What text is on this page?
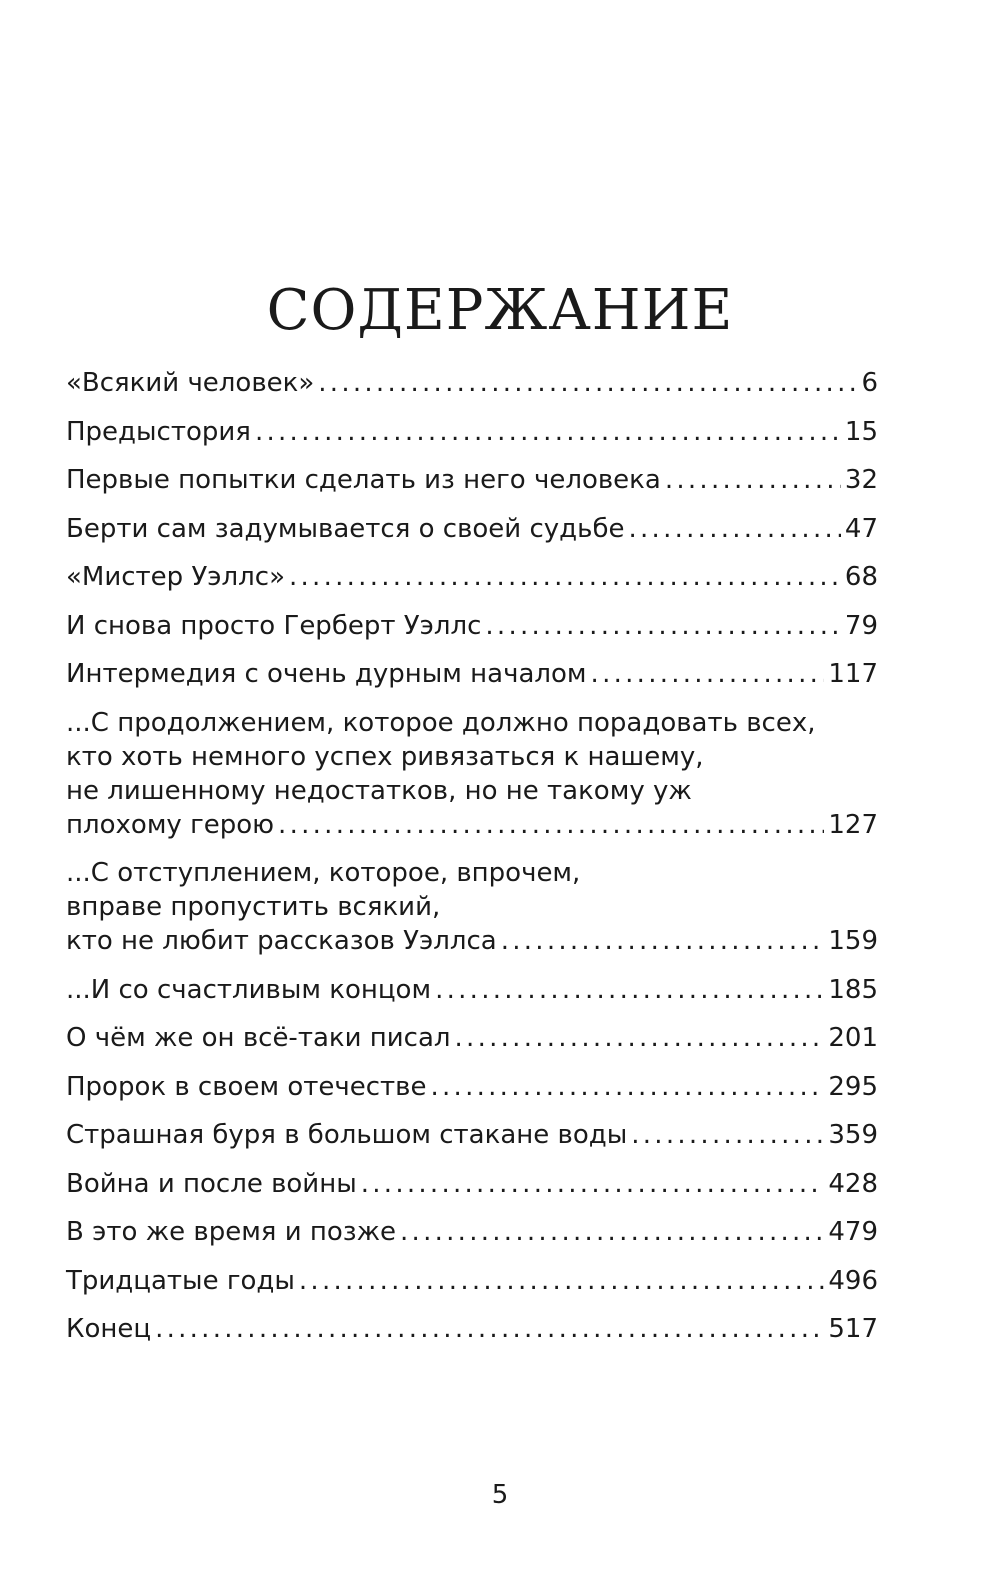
СОДЕРЖАНИЕ
«Всякий человек» . . .	6
Предыстория . . .	15
Первые попытки сделать из него человека . . .	32
Берти сам задумывается о своей судьбе . . .	47
«Мистер Уэллс» . . .	68
И снова просто Герберт Уэллс . . .	79
Интермедия с очень дурным началом . . .	117
...С продолжением, которое должно порадовать всех,
кто хоть немного успех ривязаться к нашему,
не лишенному недостатков, но не такому уж
плохому герою . . .	127
...С отступлением, которое, впрочем,
вправе пропустить всякий,
кто не любит рассказов Уэллса . . .	159
...И со счастливым концом . . .	185
О чём же он всё-таки писал . . .	201
Пророк в своем отечестве . . .	295
Страшная буря в большом стакане воды . . .	359
Война и после войны . . .	428
В это же время и позже . . .	479
Тридцатые годы . . .	496
Конец . . .	517
5
